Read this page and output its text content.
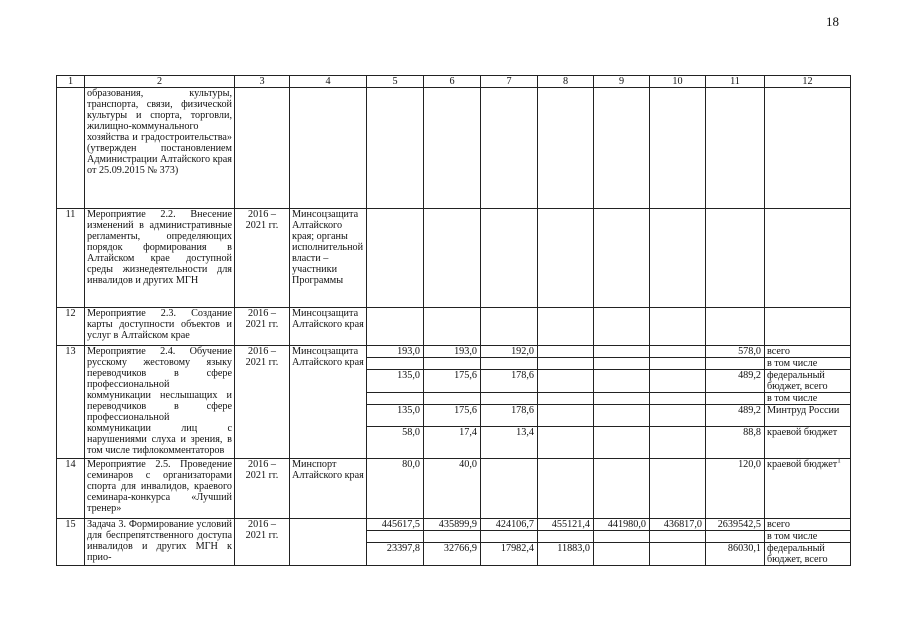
18
1	2	3	4	5	6	7	8	9	10	11	12
	образования, культуры, транспорта, связи, физической культуры и спорта, торговли, жилищно-коммунального хозяйства и градостроительства» (утвержден постановлением Администрации Алтайского края от 25.09.2015 № 373)										
11	Мероприятие 2.2. Внесение изменений в административные регламенты, определяющих порядок формирования в Алтайском крае доступной среды жизнедеятельности для инвалидов и других МГН	2016 – 2021 гг.	Минсоцзащита Алтайского края; органы исполнительной власти – участники Программы								
12	Мероприятие 2.3. Создание карты доступности объектов и услуг в Алтайском крае	2016 – 2021 гг.	Минсоцзащита Алтайского края								
13	Мероприятие 2.4. Обучение русскому жестовому языку переводчиков в сфере профессиональной коммуникации неслышащих и переводчиков в сфере профессиональной коммуникации лиц с нарушениями слуха и зрения, в том числе тифлокомментаторов	2016 – 2021 гг.	Минсоцзащита Алтайского края	193,0	193,0	192,0				578,0	всего
											в том числе
				135,0	175,6	178,6				489,2	федеральный бюджет, всего
											в том числе
				135,0	175,6	178,6				489,2	Минтруд России
				58,0	17,4	13,4				88,8	краевой бюджет
14	Мероприятие 2.5. Проведение семинаров с организаторами спорта для инвалидов, краевого семинара-конкурса «Лучший тренер»	2016 – 2021 гг.	Минспорт Алтайского края	80,0	40,0					120,0	краевой бюджет$^1$
15	Задача 3. Формирование условий для беспрепятственного доступа инвалидов и других МГН к прио-	2016 – 2021 гг.		445617,5	435899,9	424106,7	455121,4	441980,0	436817,0	2639542,5	всего
											в том числе
				23397,8	32766,9	17982,4	11883,0			86030,1	федеральный бюджет, всего
